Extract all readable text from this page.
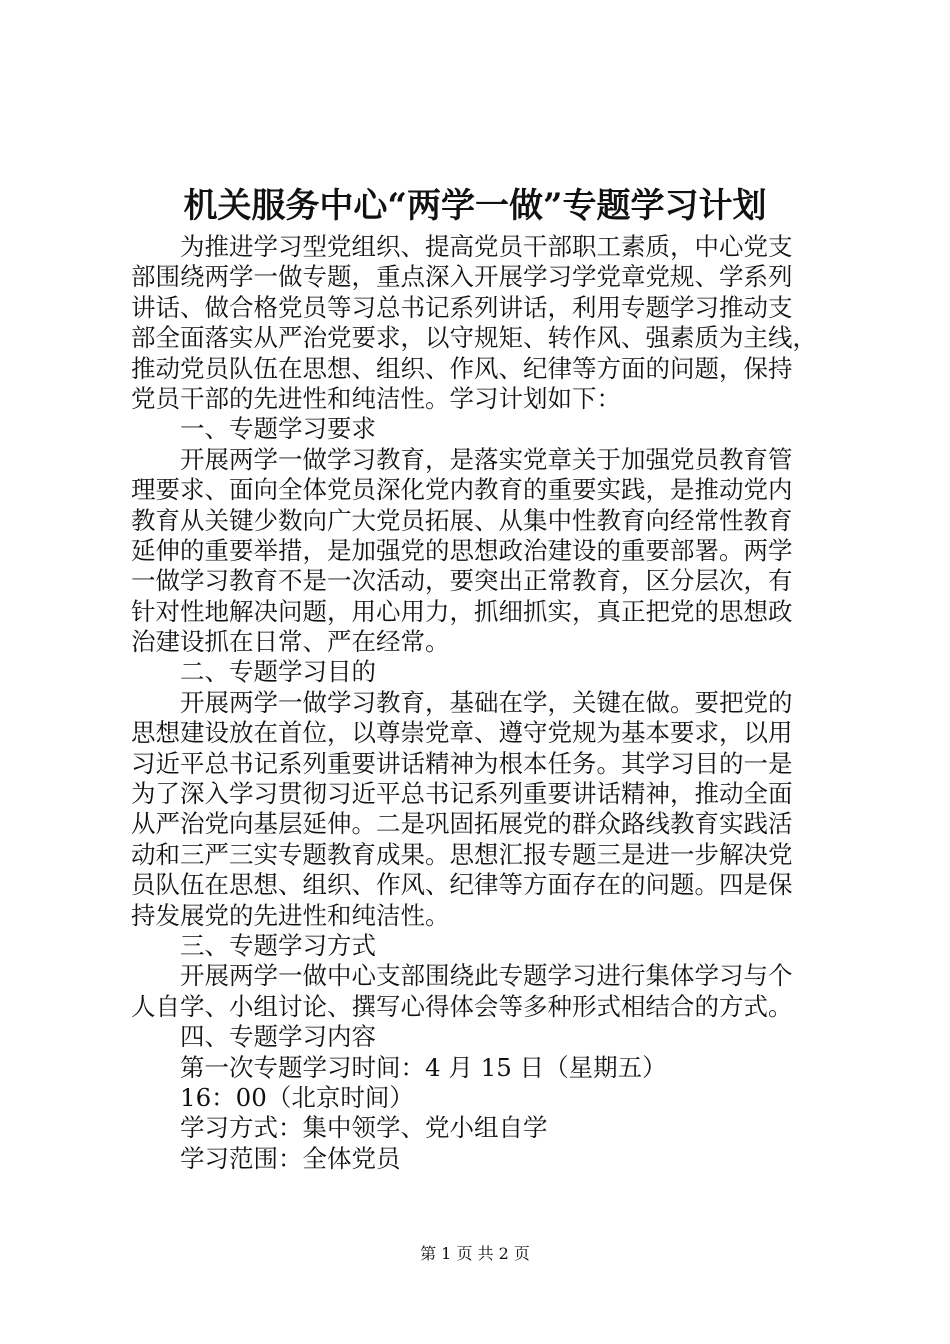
机关服务中心“两学一做”专题学习计划
为推进学习型党组织、提高党员干部职工素质，中心党支
部围绕两学一做专题，重点深入开展学习学党章党规、学系列
讲话、做合格党员等习总书记系列讲话，利用专题学习推动支
部全面落实从严治党要求，以守规矩、转作风、强素质为主线，
推动党员队伍在思想、组织、作风、纪律等方面的问题，保持
党员干部的先进性和纯洁性。学习计划如下：
一、专题学习要求
开展两学一做学习教育，是落实党章关于加强党员教育管
理要求、面向全体党员深化党内教育的重要实践，是推动党内
教育从关键少数向广大党员拓展、从集中性教育向经常性教育
延伸的重要举措，是加强党的思想政治建设的重要部署。两学
一做学习教育不是一次活动，要突出正常教育，区分层次，有
针对性地解决问题，用心用力，抓细抓实，真正把党的思想政
治建设抓在日常、严在经常。
二、专题学习目的
开展两学一做学习教育，基础在学，关键在做。要把党的
思想建设放在首位，以尊崇党章、遵守党规为基本要求，以用
习近平总书记系列重要讲话精神为根本任务。其学习目的一是
为了深入学习贯彻习近平总书记系列重要讲话精神，推动全面
从严治党向基层延伸。二是巩固拓展党的群众路线教育实践活
动和三严三实专题教育成果。思想汇报专题三是进一步解决党
员队伍在思想、组织、作风、纪律等方面存在的问题。四是保
持发展党的先进性和纯洁性。
三、专题学习方式
开展两学一做中心支部围绕此专题学习进行集体学习与个
人自学、小组讨论、撰写心得体会等多种形式相结合的方式。
四、专题学习内容
第一次专题学习时间：4 月 15 日（星期五）
16：00（北京时间）
学习方式：集中领学、党小组自学
学习范围：全体党员
第 1 页 共 2 页
